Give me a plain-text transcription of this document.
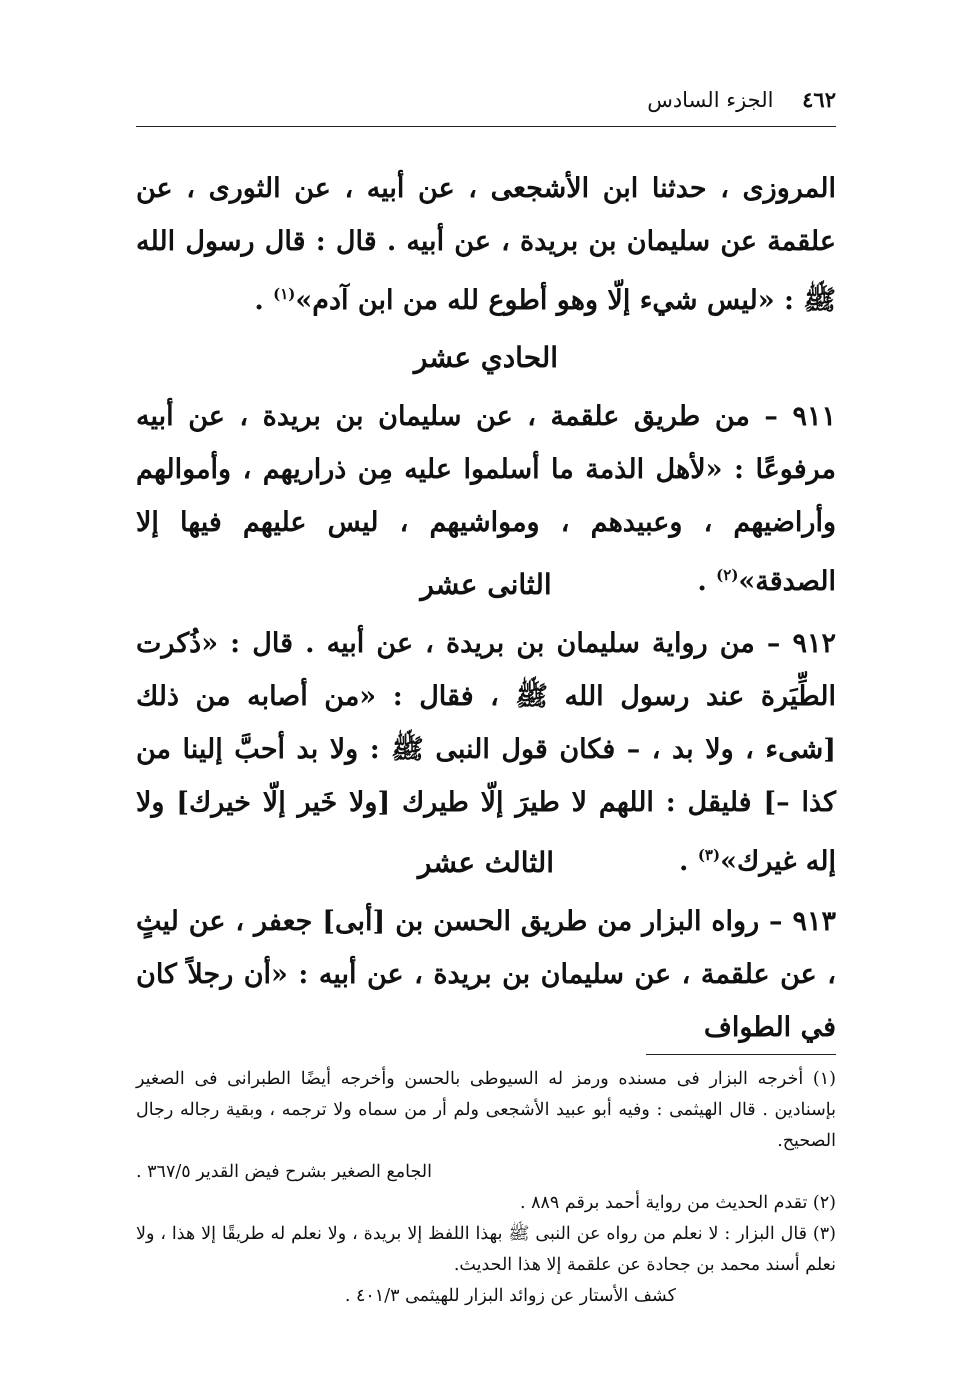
٤٦٢ الجزء السادس
المروزى ، حدثنا ابن الأشجعى ، عن أبيه ، عن الثورى ، عن علقمة عن سليمان بن بريدة ، عن أبيه . قال : قال رسول الله ﷺ : «ليس شيء إلّا وهو أطوع لله من ابن آدم»$^{(١)}$ .
الحادي عشر
٩١١ – من طريق علقمة ، عن سليمان بن بريدة ، عن أبيه مرفوعًا : «لأهل الذمة ما أسلموا عليه مِن ذراريهم ، وأموالهم وأراضيهم ، وعبيدهم ، ومواشيهم ، ليس عليهم فيها إلا الصدقة»$^{(٢)}$ .
الثانى عشر
٩١٢ – من رواية سليمان بن بريدة ، عن أبيه . قال : «ذُكرت الطِّيَرة عند رسول الله ﷺ ، فقال : «من أصابه من ذلك [شىء ، ولا بد ، – فكان قول النبى ﷺ : ولا بد أحبَّ إلينا من كذا –] فليقل : اللهم لا طيرَ إلّا طيرك [ولا خَير إلّا خيرك] ولا إله غيرك»$^{(٣)}$ .
الثالث عشر
٩١٣ – رواه البزار من طريق الحسن بن [أبى] جعفر ، عن ليثٍ ، عن علقمة ، عن سليمان بن بريدة ، عن أبيه : «أن رجلاً كان في الطواف

(١) أخرجه البزار فى مسنده ورمز له السيوطى بالحسن وأخرجه أيضًا الطبرانى فى الصغير بإسنادين . قال الهيثمى : وفيه أبو عبيد الأشجعى ولم أر من سماه ولا ترجمه ، وبقية رجاله رجال الصحيح.

الجامع الصغير بشرح فيض القدير ٣٦٧/٥ .

(٢) تقدم الحديث من رواية أحمد برقم ٨٨٩ .

(٣) قال البزار : لا نعلم من رواه عن النبى ﷺ بهذا اللفظ إلا بريدة ، ولا نعلم له طريقًا إلا هذا ، ولا نعلم أسند محمد بن جحادة عن علقمة إلا هذا الحديث.

كشف الأستار عن زوائد البزار للهيثمى ٤٠١/٣ .
